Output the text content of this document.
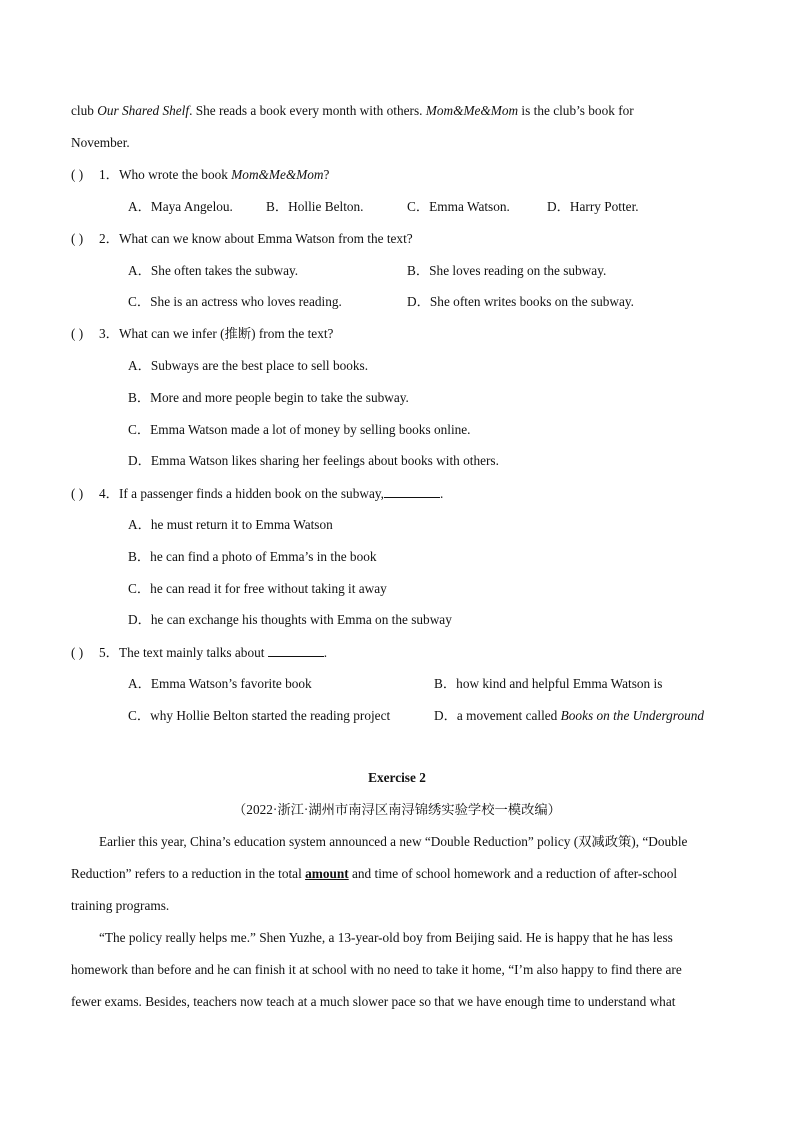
club Our Shared Shelf. She reads a book every month with others. Mom&Me&Mom is the club’s book for
November.
( ) 1．Who wrote the book Mom&Me&Mom?
A．Maya Angelou. B．Hollie Belton.	C．Emma Watson.	D．Harry Potter.
( ) 2．What can we know about Emma Watson from the text?
A．She often takes the subway.	B．She loves reading on the subway.
C．She is an actress who loves reading.	D．She often writes books on the subway.
( ) 3．What can we infer (推断) from the text?
A．Subways are the best place to sell books.
B．More and more people begin to take the subway.
C．Emma Watson made a lot of money by selling books online.
D．Emma Watson likes sharing her feelings about books with others.
( ) 4．If a passenger finds a hidden book on the subway,	.
A．he must return it to Emma Watson
B．he can find a photo of Emma’s in the book
C．he can read it for free without taking it away
D．he can exchange his thoughts with Emma on the subway
( ) 5．The text mainly talks about	.
A．Emma Watson’s favorite book	B．how kind and helpful Emma Watson is
C．why Hollie Belton started the reading project	D．a movement called Books on the Underground
Exercise 2
（2022·浙江·湖州市南浔区南浔锦绣实验学校一模改编）
Earlier this year, China’s education system announced a new “Double Reduction” policy (双减政策), “Double
Reduction” refers to a reduction in the total amount and time of school homework and a reduction of after-school
training programs.
“The policy really helps me.” Shen Yuzhe, a 13-year-old boy from Beijing said. He is happy that he has less
homework than before and he can finish it at school with no need to take it home, “I’m also happy to find there are
fewer exams. Besides, teachers now teach at a much slower pace so that we have enough time to understand what
